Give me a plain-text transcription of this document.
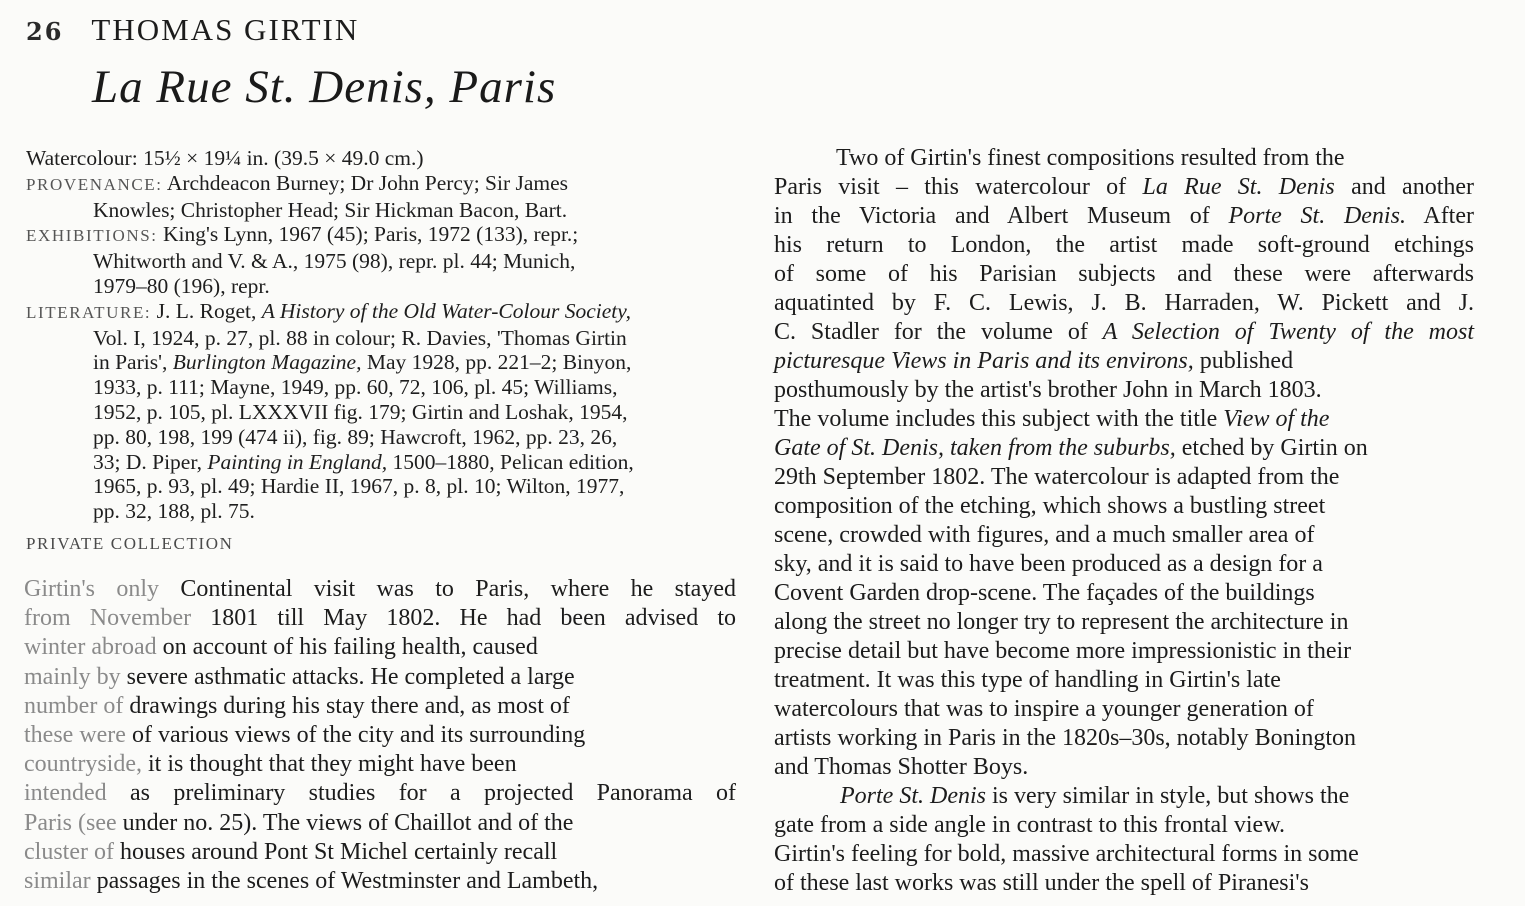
26 THOMAS GIRTIN
La Rue St. Denis, Paris

Watercolour: 15½ × 19¼ in. (39.5 × 49.0 cm.)

PROVENANCE: Archdeacon Burney; Dr John Percy; Sir James
Knowles; Christopher Head; Sir Hickman Bacon, Bart.

EXHIBITIONS: King's Lynn, 1967 (45); Paris, 1972 (133), repr.;
Whitworth and V. & A., 1975 (98), repr. pl. 44; Munich,
1979–80 (196), repr.

LITERATURE: J. L. Roget, A History of the Old Water-Colour Society,
Vol. I, 1924, p. 27, pl. 88 in colour; R. Davies, 'Thomas Girtin
in Paris', Burlington Magazine, May 1928, pp. 221–2; Binyon,
1933, p. 111; Mayne, 1949, pp. 60, 72, 106, pl. 45; Williams,
1952, p. 105, pl. LXXXVII fig. 179; Girtin and Loshak, 1954,
pp. 80, 198, 199 (474 ii), fig. 89; Hawcroft, 1962, pp. 23, 26,
33; D. Piper, Painting in England, 1500–1880, Pelican edition,
1965, p. 93, pl. 49; Hardie II, 1967, p. 8, pl. 10; Wilton, 1977,
pp. 32, 188, pl. 75.

PRIVATE COLLECTION
Girtin's only Continental visit was to Paris, where he stayed
from November 1801 till May 1802. He had been advised to
winter abroad on account of his failing health, caused
mainly by severe asthmatic attacks. He completed a large
number of drawings during his stay there and, as most of
these were of various views of the city and its surrounding
countryside, it is thought that they might have been
intended as preliminary studies for a projected Panorama of
Paris (see under no. 25). The views of Chaillot and of the
cluster of houses around Pont St Michel certainly recall
similar passages in the scenes of Westminster and Lambeth,
Two of Girtin's finest compositions resulted from the
Paris visit – this watercolour of La Rue St. Denis and another
in the Victoria and Albert Museum of Porte St. Denis. After
his return to London, the artist made soft-ground etchings
of some of his Parisian subjects and these were afterwards
aquatinted by F. C. Lewis, J. B. Harraden, W. Pickett and J.
C. Stadler for the volume of A Selection of Twenty of the most
picturesque Views in Paris and its environs, published
posthumously by the artist's brother John in March 1803.
The volume includes this subject with the title View of the
Gate of St. Denis, taken from the suburbs, etched by Girtin on
29th September 1802. The watercolour is adapted from the
composition of the etching, which shows a bustling street
scene, crowded with figures, and a much smaller area of
sky, and it is said to have been produced as a design for a
Covent Garden drop-scene. The façades of the buildings
along the street no longer try to represent the architecture in
precise detail but have become more impressionistic in their
treatment. It was this type of handling in Girtin's late
watercolours that was to inspire a younger generation of
artists working in Paris in the 1820s–30s, notably Bonington
and Thomas Shotter Boys.
Porte St. Denis is very similar in style, but shows the
gate from a side angle in contrast to this frontal view.
Girtin's feeling for bold, massive architectural forms in some
of these last works was still under the spell of Piranesi's
